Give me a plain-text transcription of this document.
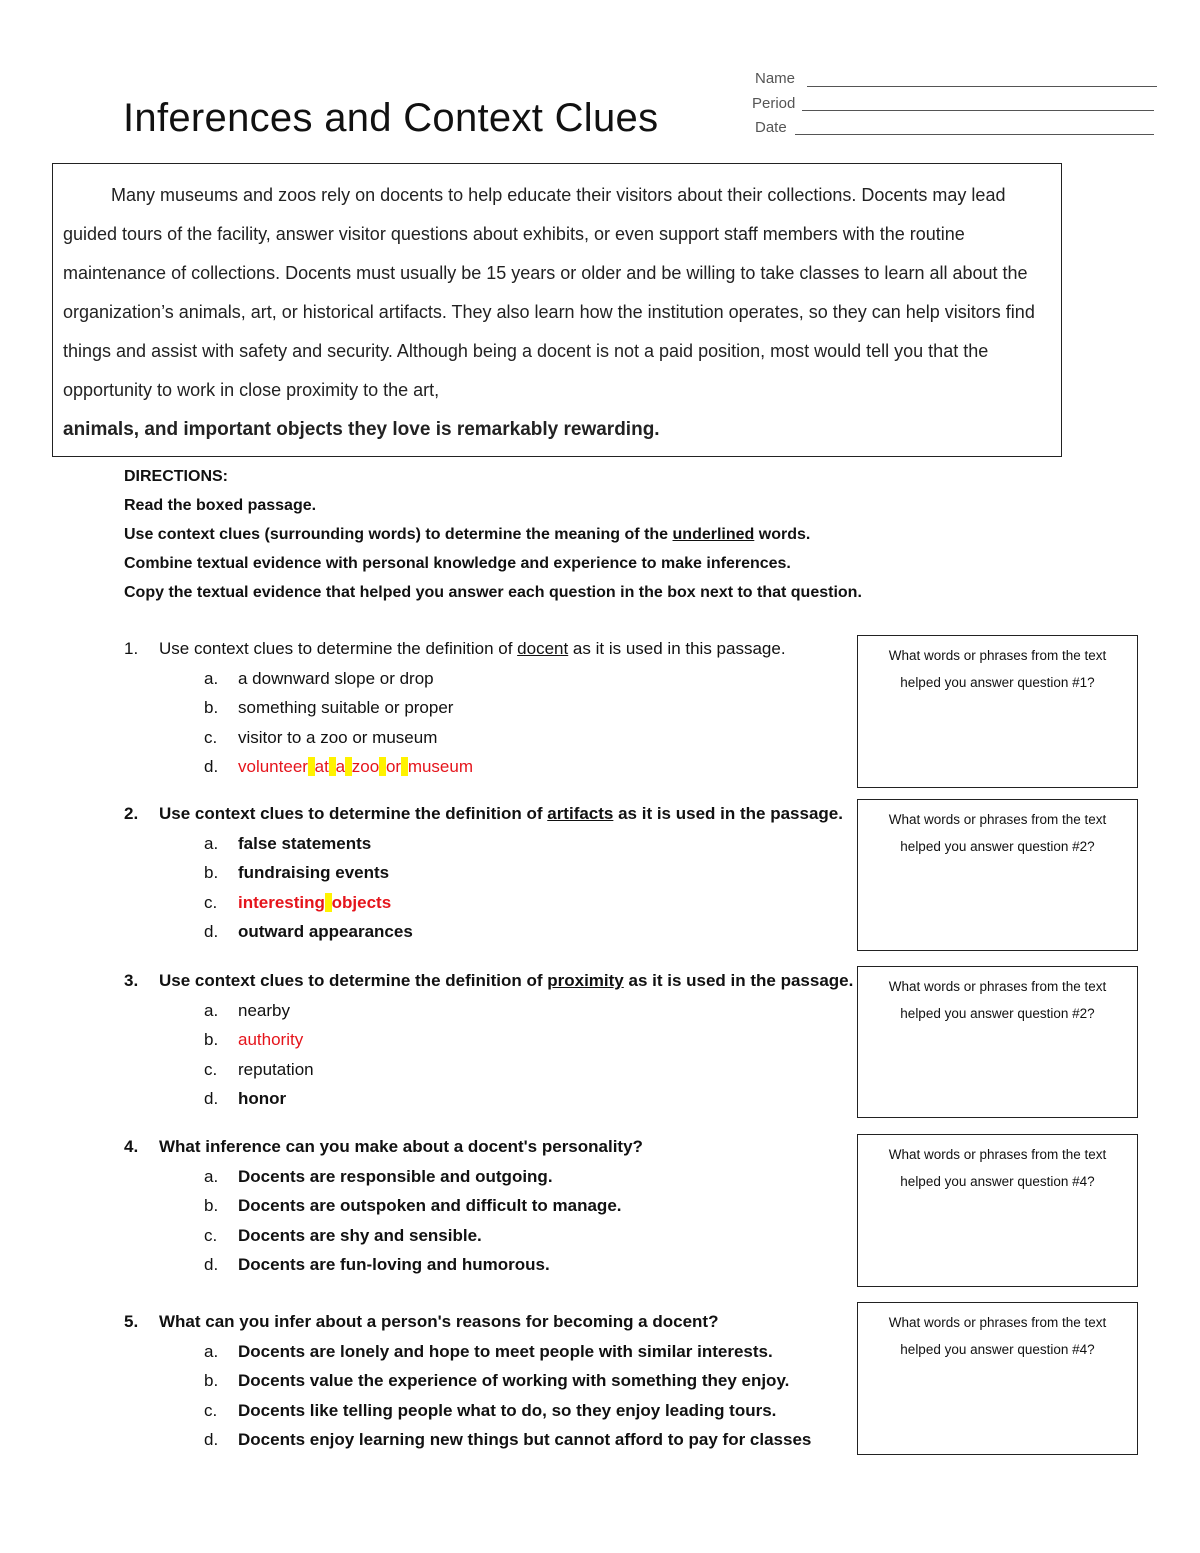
Inferences and Context Clues
Name
Period
Date

Many museums and zoos rely on docents to help educate their visitors about their collections. Docents may lead guided tours of the facility, answer visitor questions about exhibits, or even support staff members with the routine maintenance of collections. Docents must usually be 15 years or older and be willing to take classes to learn all about the organization’s animals, art, or historical artifacts. They also learn how the institution operates, so they can help visitors find things and assist with safety and security. Although being a docent is not a paid position, most would tell you that the opportunity to work in close proximity to the art,
animals, and important objects they love is remarkably rewarding.

DIRECTIONS:
Read the boxed passage.
Use context clues (surrounding words) to determine the meaning of the underlined words.
Combine textual evidence with personal knowledge and experience to make inferences.
Copy the textual evidence that helped you answer each question in the box next to that question.
1. Use context clues to determine the definition of docent as it is used in this passage.
a.	a downward slope or drop
b.	something suitable or proper
c.	visitor to a zoo or museum
d.	volunteer at a zoo or museum
What words or phrases from the text
helped you answer question #1?
2. Use context clues to determine the definition of artifacts as it is used in the passage.
a.	false statements
b.	fundraising events
c.	interesting objects
d.	outward appearances
What words or phrases from the text
helped you answer question #2?
3. Use context clues to determine the definition of proximity as it is used in the passage.
a.	nearby
b.	authority
c.	reputation
d.	honor
What words or phrases from the text
helped you answer question #2?
4. What inference can you make about a docent's personality?
a.	Docents are responsible and outgoing.
b.	Docents are outspoken and difficult to manage.
c.	Docents are shy and sensible.
d.	Docents are fun-loving and humorous.
What words or phrases from the text
helped you answer question #4?
5. What can you infer about a person's reasons for becoming a docent?
a.	Docents are lonely and hope to meet people with similar interests.
b.	Docents value the experience of working with something they enjoy.
c.	Docents like telling people what to do, so they enjoy leading tours.
d.	Docents enjoy learning new things but cannot afford to pay for classes
What words or phrases from the text
helped you answer question #4?
